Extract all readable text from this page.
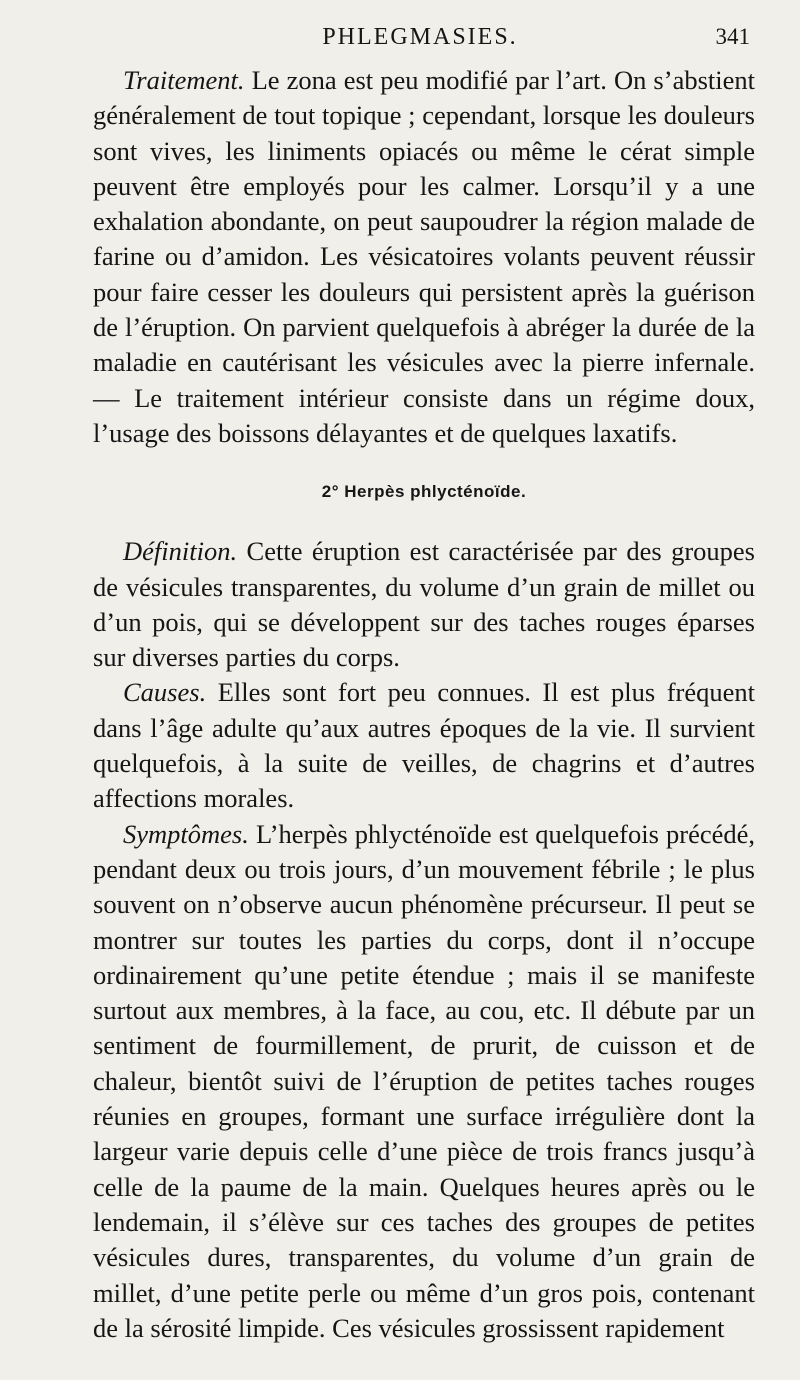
PHLEGMASIES.	341

Traitement. Le zona est peu modifié par l’art. On s’abstient généralement de tout topique ; cependant, lorsque les douleurs sont vives, les liniments opiacés ou même le cérat simple peuvent être employés pour les calmer. Lorsqu’il y a une exhalation abondante, on peut saupoudrer la région malade de farine ou d’amidon. Les vésicatoires volants peuvent réussir pour faire cesser les douleurs qui persistent après la guérison de l’éruption. On parvient quelquefois à abréger la durée de la maladie en cautérisant les vésicules avec la pierre infernale. — Le traitement intérieur consiste dans un régime doux, l’usage des boissons délayantes et de quelques laxatifs.

2° Herpès phlycténoïde.

Définition. Cette éruption est caractérisée par des groupes de vésicules transparentes, du volume d’un grain de millet ou d’un pois, qui se développent sur des taches rouges éparses sur diverses parties du corps.

Causes. Elles sont fort peu connues. Il est plus fréquent dans l’âge adulte qu’aux autres époques de la vie. Il survient quelquefois, à la suite de veilles, de chagrins et d’autres affections morales.

Symptômes. L’herpès phlycténoïde est quelquefois précédé, pendant deux ou trois jours, d’un mouvement fébrile ; le plus souvent on n’observe aucun phénomène précurseur. Il peut se montrer sur toutes les parties du corps, dont il n’occupe ordinairement qu’une petite étendue ; mais il se manifeste surtout aux membres, à la face, au cou, etc. Il débute par un sentiment de fourmillement, de prurit, de cuisson et de chaleur, bientôt suivi de l’éruption de petites taches rouges réunies en groupes, formant une surface irrégulière dont la largeur varie depuis celle d’une pièce de trois francs jusqu’à celle de la paume de la main. Quelques heures après ou le lendemain, il s’élève sur ces taches des groupes de petites vésicules dures, transparentes, du volume d’un grain de millet, d’une petite perle ou même d’un gros pois, contenant de la sérosité limpide. Ces vésicules grossissent rapidement
